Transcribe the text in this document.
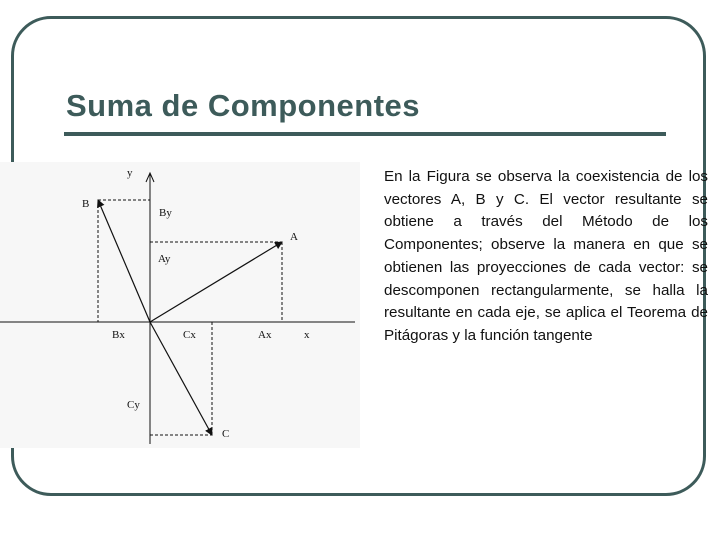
Suma de Componentes
y
B
By
A
Ay
Bx	Cx	Ax	x
Cy
C
En la Figura se observa la coexistencia de los vectores A, B y C. El vector resultante se obtiene a través del Método de los Componentes; observe la manera en que se obtienen las proyecciones de cada vector: se descomponen rectangularmente, se halla la resultante en cada eje, se aplica el Teorema de Pitágoras y la función tangente
